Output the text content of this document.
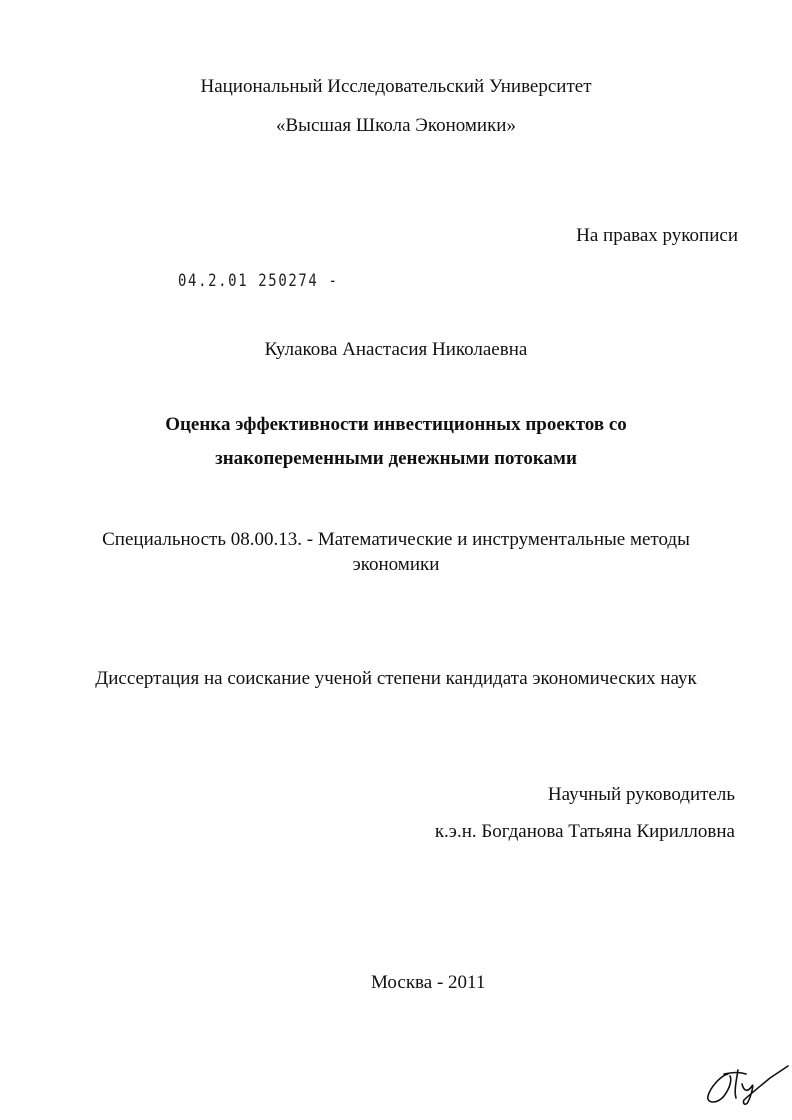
Национальный Исследовательский Университет
«Высшая Школа Экономики»
На правах рукописи
04.2.01 250274 -
Кулакова Анастасия Николаевна
Оценка эффективности инвестиционных проектов со
знакопеременными денежными потоками
Специальность 08.00.13. - Математические и инструментальные методы
экономики
Диссертация на соискание ученой степени кандидата экономических наук
Научный руководитель
к.э.н. Богданова Татьяна Кирилловна
Москва - 2011
